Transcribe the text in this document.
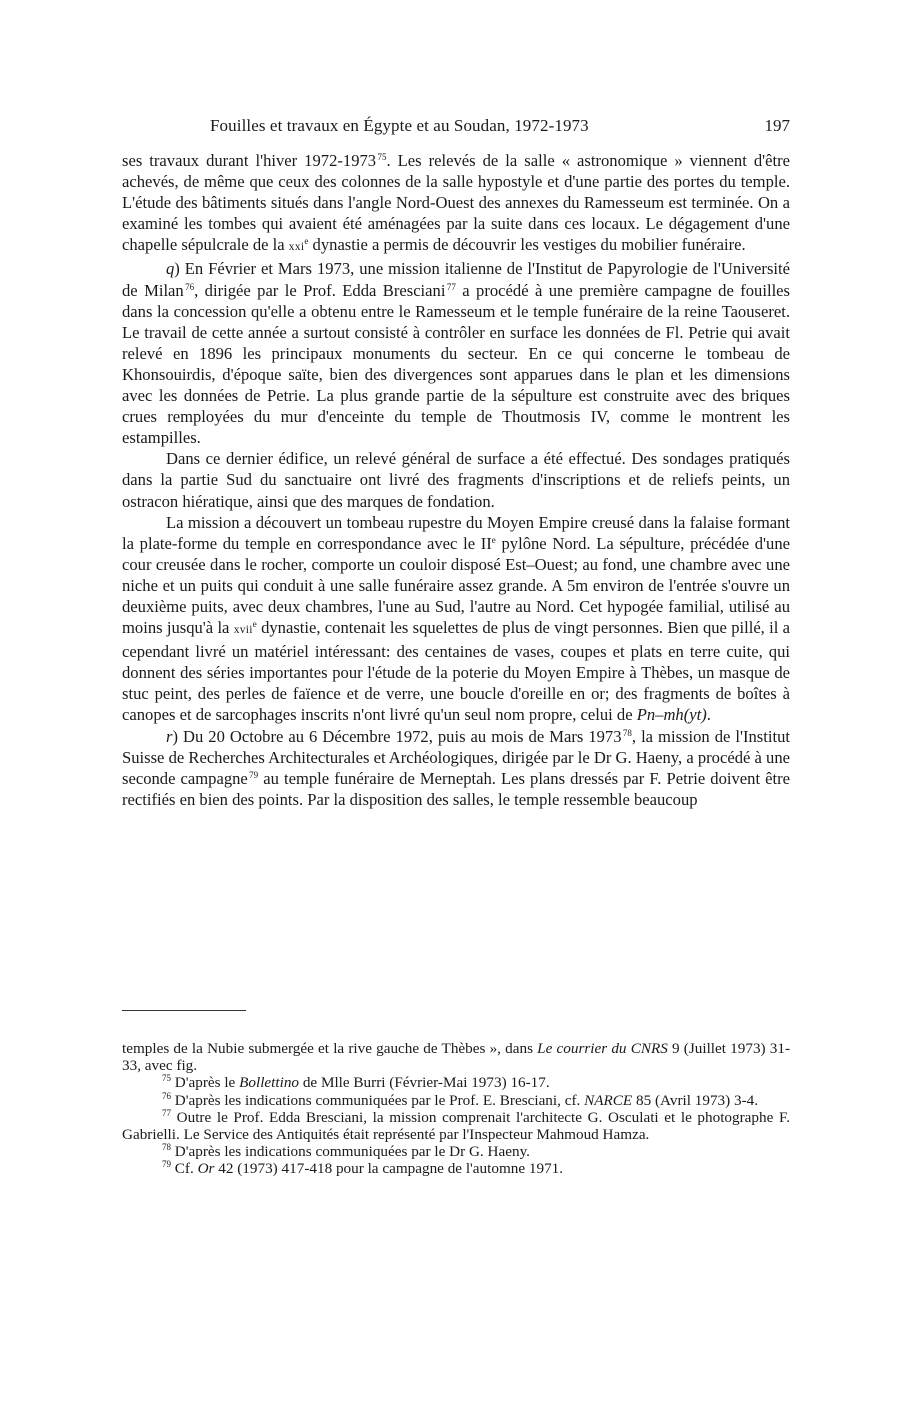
Fouilles et travaux en Égypte et au Soudan, 1972-1973	197

ses travaux durant l'hiver 1972-1973 $^{75}$. Les relevés de la salle « astronomique » viennent d'être achevés, de même que ceux des colonnes de la salle hypostyle et d'une partie des portes du temple. L'étude des bâtiments situés dans l'angle Nord-Ouest des annexes du Ramesseum est terminée. On a examiné les tombes qui avaient été aménagées par la suite dans ces locaux. Le dégagement d'une chapelle sépulcrale de la xxi$^e$ dynastie a permis de découvrir les vestiges du mobilier funéraire.

q) En Février et Mars 1973, une mission italienne de l'Institut de Papyrologie de l'Université de Milan $^{76}$, dirigée par le Prof. Edda Bresciani $^{77}$ a procédé à une première campagne de fouilles dans la concession qu'elle a obtenu entre le Ramesseum et le temple funéraire de la reine Taouseret. Le travail de cette année a surtout consisté à contrôler en surface les données de Fl. Petrie qui avait relevé en 1896 les principaux monuments du secteur. En ce qui concerne le tombeau de Khonsouirdis, d'époque saïte, bien des divergences sont apparues dans le plan et les dimensions avec les données de Petrie. La plus grande partie de la sépulture est construite avec des briques crues remployées du mur d'enceinte du temple de Thoutmosis IV, comme le montrent les estampilles.

Dans ce dernier édifice, un relevé général de surface a été effectué. Des sondages pratiqués dans la partie Sud du sanctuaire ont livré des fragments d'inscriptions et de reliefs peints, un ostracon hiératique, ainsi que des marques de fondation.

La mission a découvert un tombeau rupestre du Moyen Empire creusé dans la falaise formant la plate-forme du temple en correspondance avec le IIe pylône Nord. La sépulture, précédée d'une cour creusée dans le rocher, comporte un couloir disposé Est–Ouest; au fond, une chambre avec une niche et un puits qui conduit à une salle funéraire assez grande. A 5m environ de l'entrée s'ouvre un deuxième puits, avec deux chambres, l'une au Sud, l'autre au Nord. Cet hypogée familial, utilisé au moins jusqu'à la xvii$^e$ dynastie, contenait les squelettes de plus de vingt personnes. Bien que pillé, il a cependant livré un matériel intéressant: des centaines de vases, coupes et plats en terre cuite, qui donnent des séries importantes pour l'étude de la poterie du Moyen Empire à Thèbes, un masque de stuc peint, des perles de faïence et de verre, une boucle d'oreille en or; des fragments de boîtes à canopes et de sarcophages inscrits n'ont livré qu'un seul nom propre, celui de Pn–mh(yt).

r) Du 20 Octobre au 6 Décembre 1972, puis au mois de Mars 1973 $^{78}$, la mission de l'Institut Suisse de Recherches Architecturales et Archéologiques, dirigée par le Dr G. Haeny, a procédé à une seconde campagne $^{79}$ au temple funéraire de Merneptah. Les plans dressés par F. Petrie doivent être rectifiés en bien des points. Par la disposition des salles, le temple ressemble beaucoup

temples de la Nubie submergée et la rive gauche de Thèbes », dans Le courrier du CNRS 9 (Juillet 1973) 31-33, avec fig.

$^{75}$ D'après le Bollettino de Mlle Burri (Février-Mai 1973) 16-17.

$^{76}$ D'après les indications communiquées par le Prof. E. Bresciani, cf. NARCE 85 (Avril 1973) 3-4.

$^{77}$ Outre le Prof. Edda Bresciani, la mission comprenait l'architecte G. Osculati et le photographe F. Gabrielli. Le Service des Antiquités était représenté par l'Inspecteur Mahmoud Hamza.

$^{78}$ D'après les indications communiquées par le Dr G. Haeny.

$^{79}$ Cf. Or 42 (1973) 417-418 pour la campagne de l'automne 1971.
